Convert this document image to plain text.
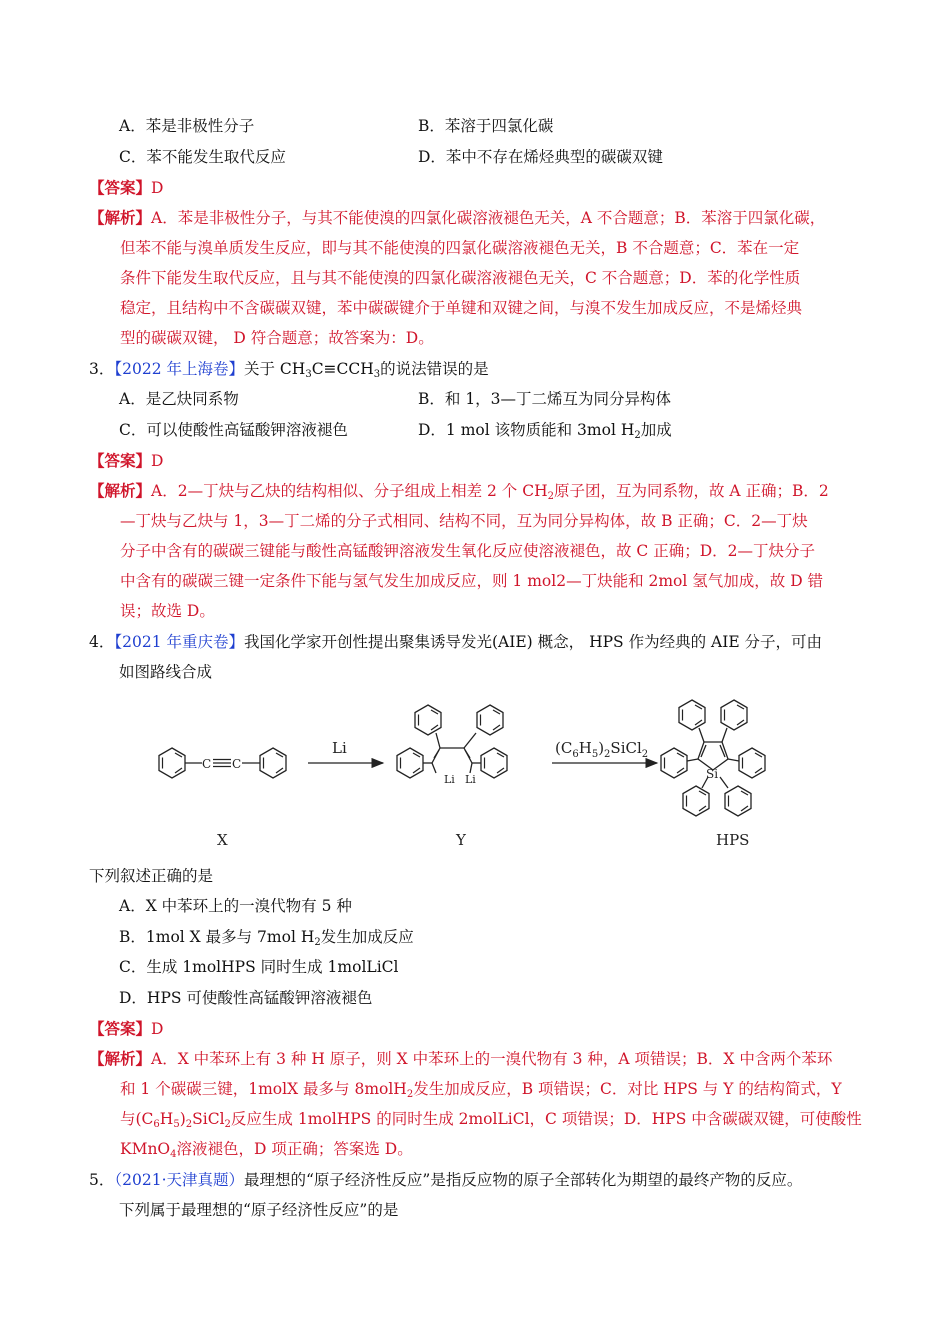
A．苯是非极性分子	B．苯溶于四氯化碳
C．苯不能发生取代反应	D．苯中不存在烯烃典型的碳碳双键
【答案】D
【解析】A．苯是非极性分子，与其不能使溴的四氯化碳溶液褪色无关，A 不合题意；B．苯溶于四氯化碳，
但苯不能与溴单质发生反应，即与其不能使溴的四氯化碳溶液褪色无关，B 不合题意；C．苯在一定
条件下能发生取代反应，且与其不能使溴的四氯化碳溶液褪色无关，C 不合题意；D．苯的化学性质
稳定，且结构中不含碳碳双键，苯中碳碳键介于单键和双键之间，与溴不发生加成反应，不是烯烃典
型的碳碳双键， D 符合题意；故答案为：D。
3．【2022 年上海卷】关于 $CH_3C\equiv CCH_3$的说法错误的是
A．是乙炔同系物	B．和 1，3—丁二烯互为同分异构体
C．可以使酸性高锰酸钾溶液褪色	D．1 mol 该物质能和 3mol $H_2$加成
【答案】D
【解析】A．2—丁炔与乙炔的结构相似、分子组成上相差 2 个 $CH_2$原子团，互为同系物，故 A 正确；B．2
—丁炔与乙炔与 1，3—丁二烯的分子式相同、结构不同，互为同分异构体，故 B 正确；C．2—丁炔
分子中含有的碳碳三键能与酸性高锰酸钾溶液发生氧化反应使溶液褪色，故 C 正确；D．2—丁炔分子
中含有的碳碳三键一定条件下能与氢气发生加成反应，则 1 mol2—丁炔能和 2mol 氢气加成，故 D 错
误；故选 D。
4．【2021 年重庆卷】我国化学家开创性提出聚集诱导发光(AIE) 概念， HPS 作为经典的 AIE 分子，可由
如图路线合成
C C
Li
Li Li
$(C_6H_5)_2SiCl_2$
Si
X	Y	HPS
下列叙述正确的是
A．X 中苯环上的一溴代物有 5 种
B．1mol X 最多与 7mol $H_2$发生加成反应
C．生成 1molHPS 同时生成 1molLiCl
D．HPS 可使酸性高锰酸钾溶液褪色
【答案】D
【解析】A．X 中苯环上有 3 种 H 原子，则 X 中苯环上的一溴代物有 3 种，A 项错误；B．X 中含两个苯环
和 1 个碳碳三键，1molX 最多与 8molH$_2$发生加成反应，B 项错误；C．对比 HPS 与 Y 的结构简式，Y
与$(C_6H_5)_2SiCl_2$反应生成 1molHPS 的同时生成 2molLiCl，C 项错误；D．HPS 中含碳碳双键，可使酸性
KMnO$_4$溶液褪色，D 项正确；答案选 D。
5．（2021·天津真题）最理想的“原子经济性反应”是指反应物的原子全部转化为期望的最终产物的反应。
下列属于最理想的“原子经济性反应”的是
